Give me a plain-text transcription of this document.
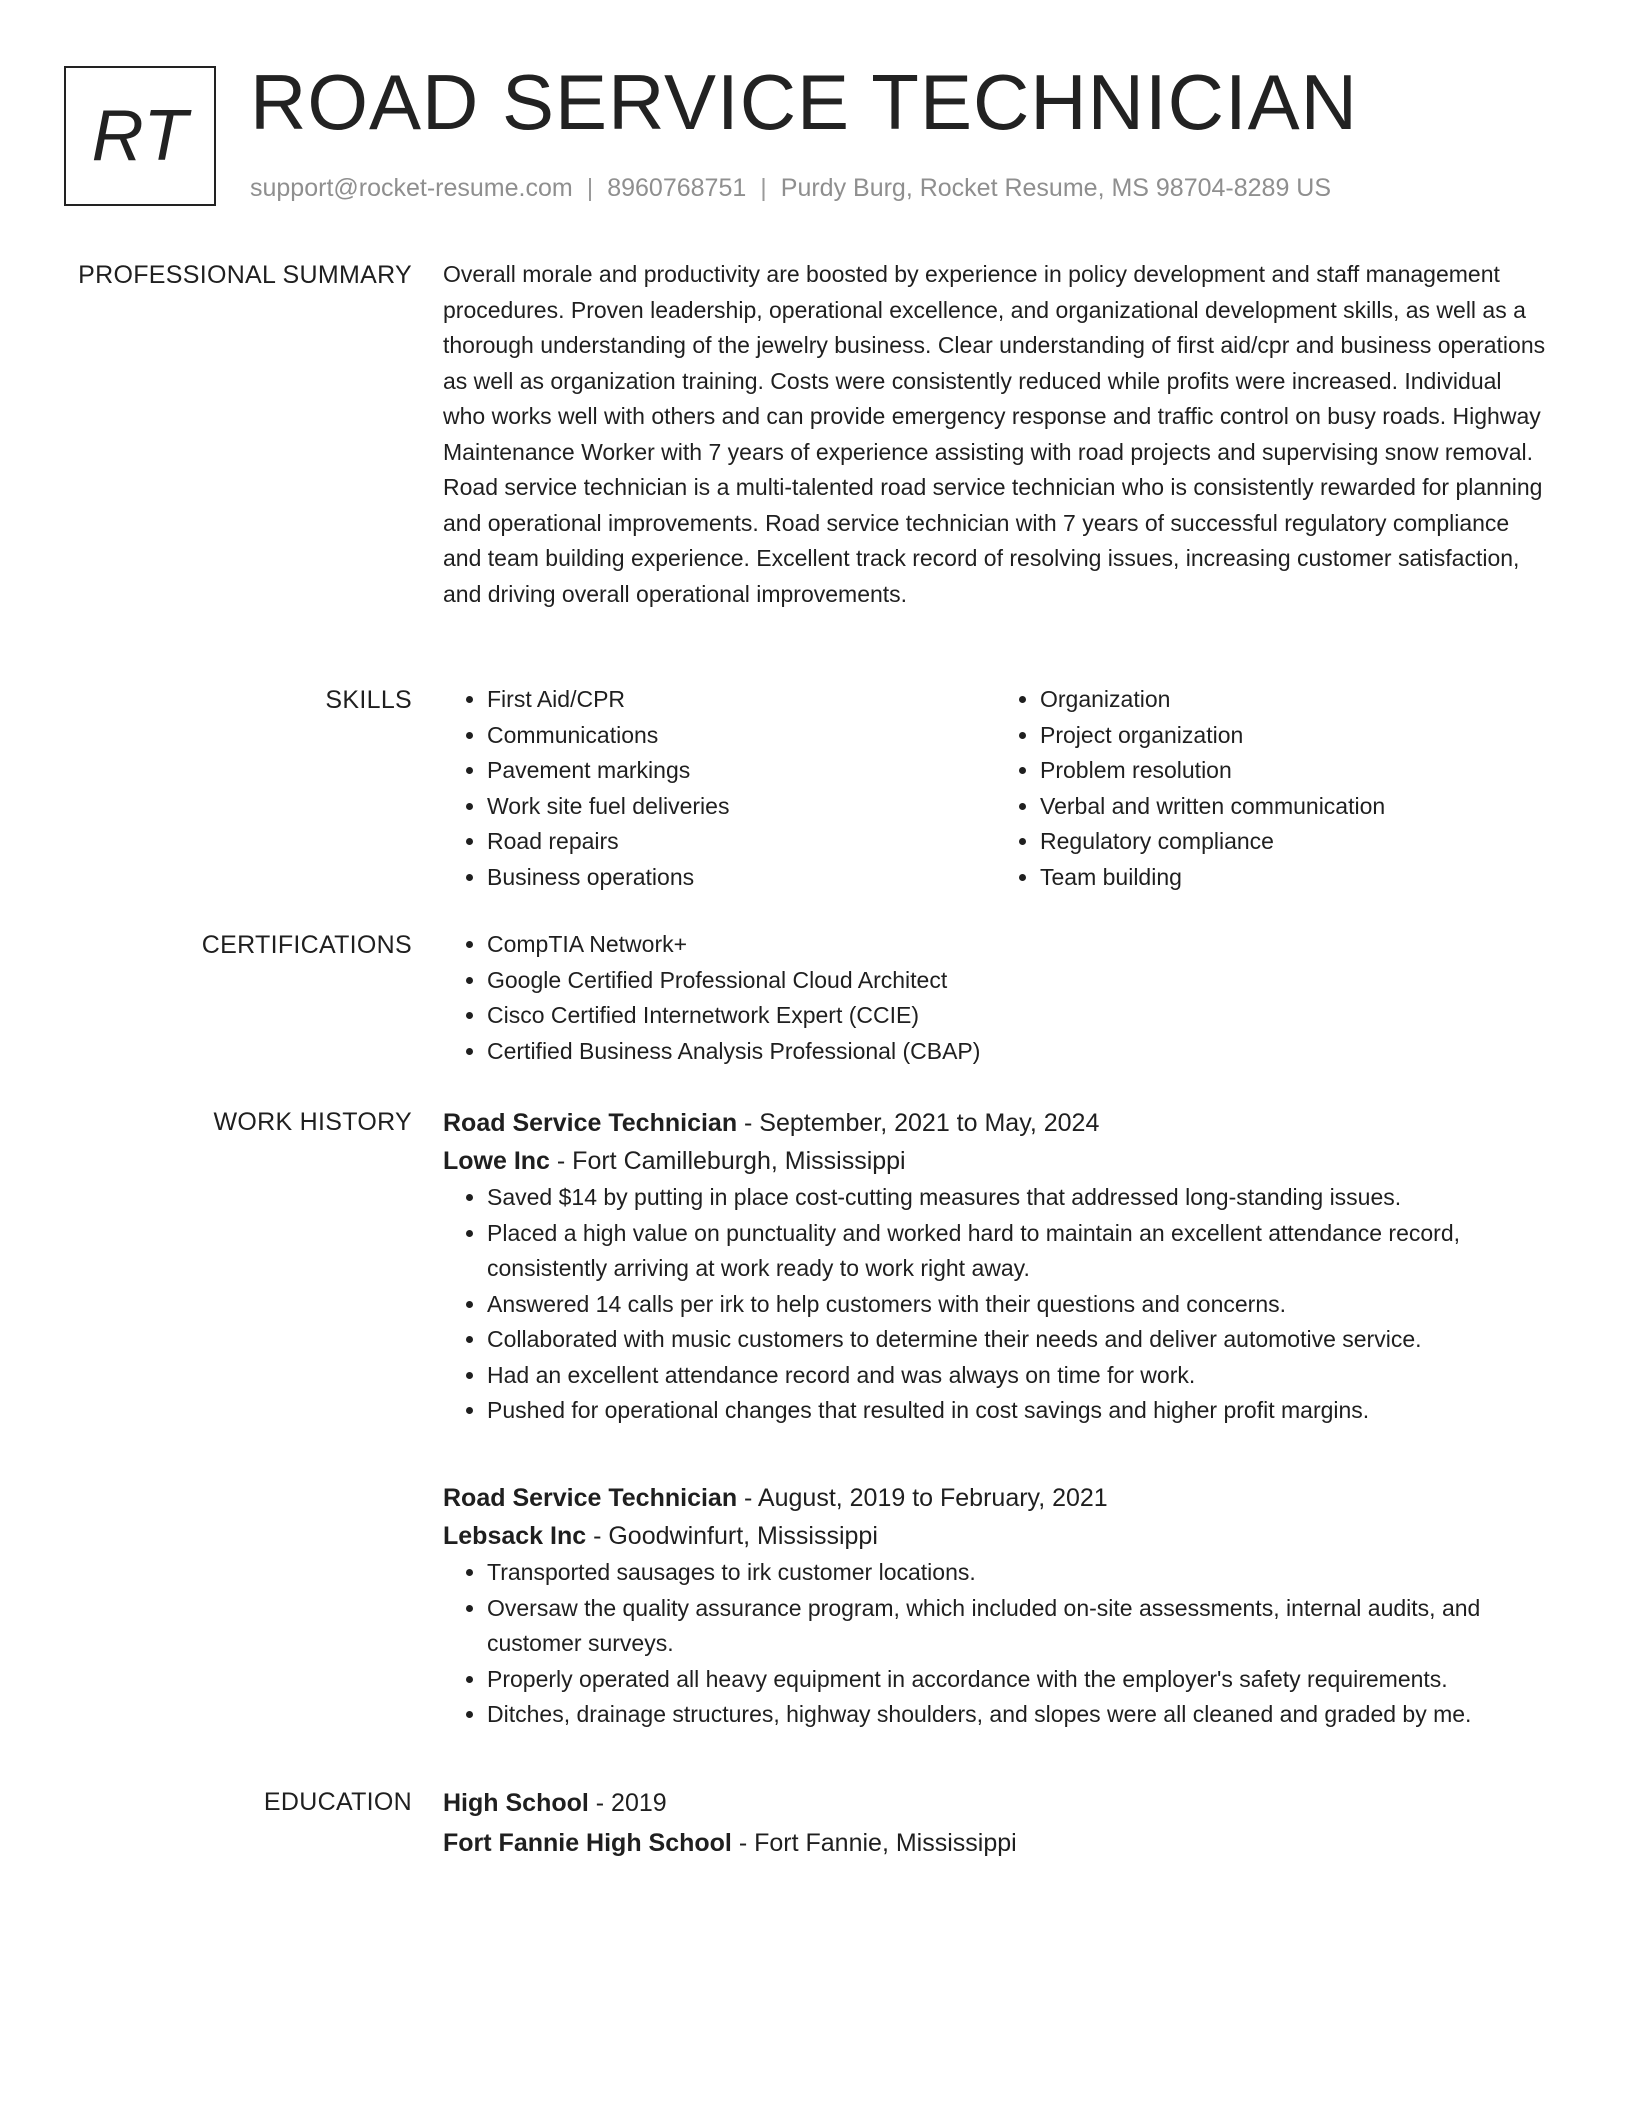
RT ROAD SERVICE TECHNICIAN
support@rocket-resume.com | 8960768751 | Purdy Burg, Rocket Resume, MS 98704-8289 US
PROFESSIONAL SUMMARY Overall morale and productivity are boosted by experience in policy development and staff management procedures. Proven leadership, operational excellence, and organizational development skills, as well as a thorough understanding of the jewelry business. Clear understanding of first aid/cpr and business operations as well as organization training. Costs were consistently reduced while profits were increased. Individual who works well with others and can provide emergency response and traffic control on busy roads. Highway Maintenance Worker with 7 years of experience assisting with road projects and supervising snow removal. Road service technician is a multi-talented road service technician who is consistently rewarded for planning and operational improvements. Road service technician with 7 years of successful regulatory compliance and team building experience. Excellent track record of resolving issues, increasing customer satisfaction, and driving overall operational improvements.

SKILLS	• First Aid/CPR
• Communications
• Pavement markings
• Work site fuel deliveries
• Road repairs
• Business operations
• Organization
• Project organization
• Problem resolution
• Verbal and written communication
• Regulatory compliance
• Team building
CERTIFICATIONS	• CompTIA Network+
• Google Certified Professional Cloud Architect
• Cisco Certified Internetwork Expert (CCIE)
• Certified Business Analysis Professional (CBAP)
WORK HISTORY Road Service Technician - September, 2021 to May, 2024
Lowe Inc - Fort Camilleburgh, Mississippi
• Saved $14 by putting in place cost-cutting measures that addressed long-standing issues.
• Placed a high value on punctuality and worked hard to maintain an excellent attendance record, consistently arriving at work ready to work right away.
• Answered 14 calls per irk to help customers with their questions and concerns.
• Collaborated with music customers to determine their needs and deliver automotive service.
• Had an excellent attendance record and was always on time for work.
• Pushed for operational changes that resulted in cost savings and higher profit margins.
Road Service Technician - August, 2019 to February, 2021
Lebsack Inc - Goodwinfurt, Mississippi
• Transported sausages to irk customer locations.
• Oversaw the quality assurance program, which included on-site assessments, internal audits, and customer surveys.
• Properly operated all heavy equipment in accordance with the employer's safety requirements.
• Ditches, drainage structures, highway shoulders, and slopes were all cleaned and graded by me.
EDUCATION High School - 2019
Fort Fannie High School - Fort Fannie, Mississippi
